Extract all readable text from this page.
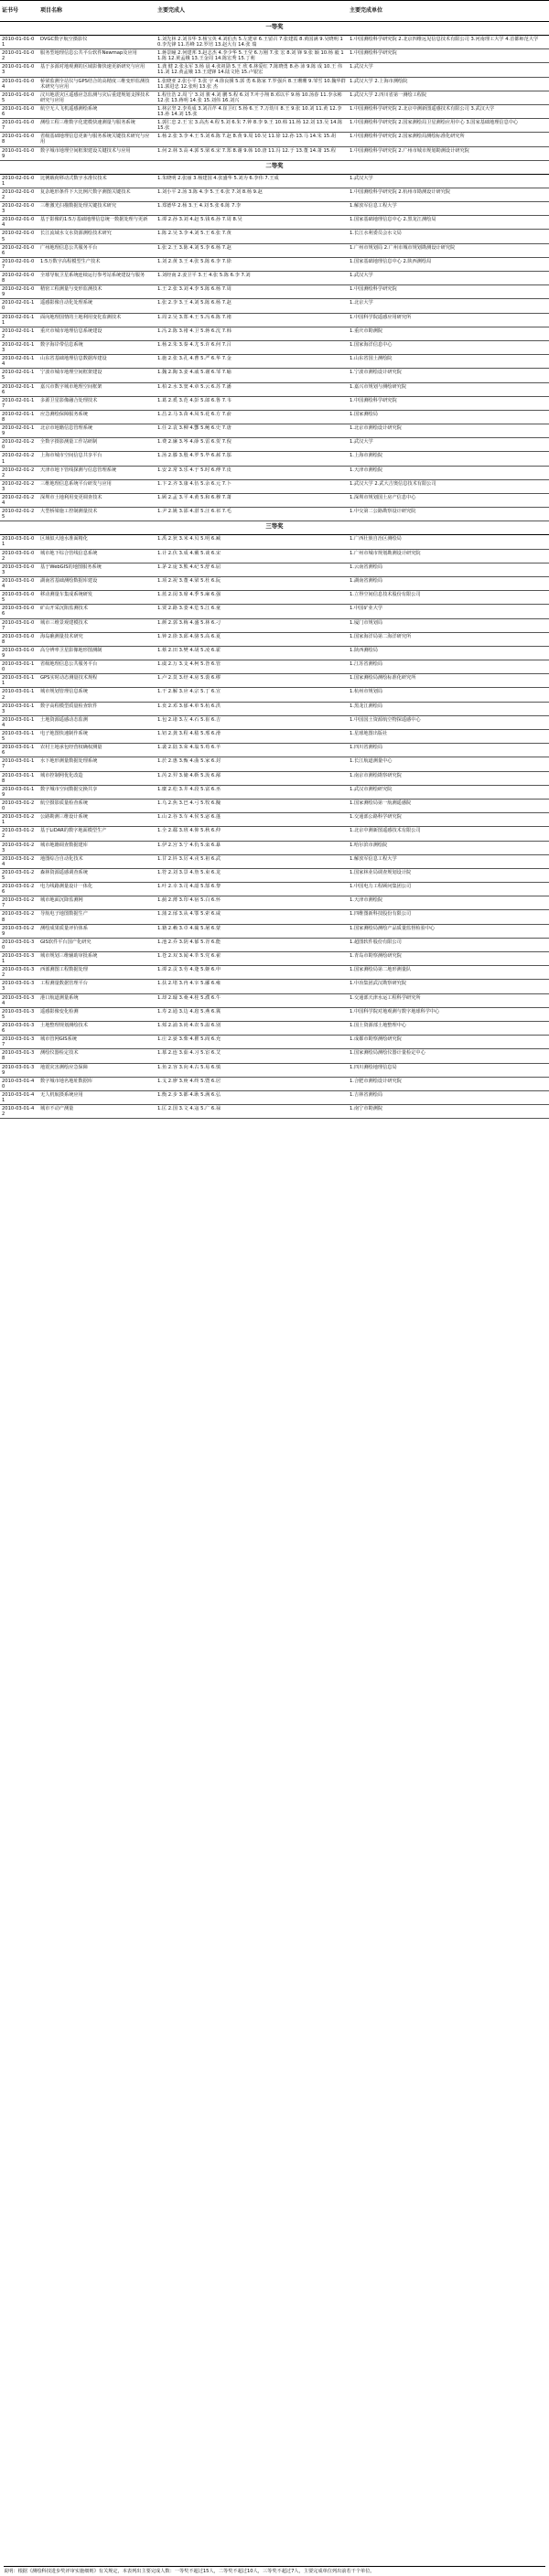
证书号	项目名称	主要完成人	主要完成单位
一等奖			
2010-01-01-01	DVGC数字航空摄影仪	1.刘先林 2.刘书华 3.杨宝英 4.刘伯杰 5.左建章 6.王留召 7.张建霞 8.黄国满 9.吴晓明 10.李先锋 11.苏峰 12.罗培 13.赵大有 14.张 瑞	1.中国测绘科学研究院 2.北京四维远见信息技术有限公司 3.河南理工大学 4.首都师范大学
2010-01-01-02	服务型地理信息公共平台软件Newmap及应用	1.蒋景瞳 2.何建邦 3.赵志杰 4.李少华 5.王莹 6.万刚 7.张 宏 8.刘 锋 9.张 颖 10.杨 毅 11.陈 12.黄孟娥 13.王金周 14.陈宏秀 15.丁莉	1.中国测绘科学研究院
2010-01-01-03	基于多源对地观测的区域影像快速更新研究与应用	1.龚 健 2.张永军 3.杨 晨 4.张祖勋 5.王 欣 6.林爱红 7.陈晓勇 8.孙 沛 9.陈 成 10.王 伟 11.刘 12.黄孟娥 13.王建锋 14.陆文艳 15.卢银宏	1.武汉大学
2010-01-01-04	桥梁监测全站仪与GPS结合的高精度三维变形监测技术研究与应用	1.张晓亚 2.张小平 3.张 宇 4.徐良骥 5.郭 勇 6.陈家 7.罗强兵 8.王珊珊 9.邹雪 10.魏华群 11.郭进忠 12.张明 13.张 杰	1.武汉大学 2.上海市测绘院
2010-01-01-05	汶川地震灾区遥感应急监测与灾后重建规划支撑技术研究与应用	1.程仕浩 2.周 宁 3.刘 骏 4.刘 鹏 5.程 6.刘 7.叶小翔 8.邓以平 9.杨 10.汤春 11.李永彬 12.张 13.蒋明 14.张 15.刘伟 16.刘兴	1.武汉大学 2.四川省第一测绘工程院
2010-01-01-06	航空无人飞机遥感测绘系统	1.林宗坚 2.李英成 3.刘召芹 4.崔卫红 5.杨 6.王 7.万幼川 8.王 9.张 10.刘 11.黄 12.李 13.孙 14.刘 15.张	1.中国测绘科学研究院 2.北京中测新图遥感技术有限公司 3.武汉大学
2010-01-01-07	测绘工程三维数字化建模快速测量与服务系统	1.郭仁忠 2.王 宏 3.高杰 4.程 5.刘 6.朱 7.钟 8.李 9.王 10.韩 11.杨 12.刘 13.吴 14.陈 15.张	1.中国测绘科学研究院 2.国家测绘局卫星测绘应用中心 3.国家基础地理信息中心
2010-01-01-08	省级基础地理信息更新与服务系统关键技术研究与应用	1.杨 2.张 3.李 4.王 5.刘 6.陈 7.赵 8.黄 9.周 10.吴 11.徐 12.孙 13.马 14.朱 15.胡	1.中国测绘科学研究院 2.国家测绘局测绘标准化研究所
2010-01-01-09	数字城市地理空间框架建设关键技术与应用	1.何 2.林 3.高 4.郭 5.梁 6.宋 7.郑 8.谢 9.韩 10.唐 11.冯 12.于 13.董 14.萧 15.程	1.中国测绘科学研究院 2.广州市城市规划勘测设计研究院
二等奖			
2010-02-01-01	比例载荷移动式数字水准仪技术	1.朱晓明 2.张丽 3.杨建国 4.张盛华 5.刘为 6.李伟 7.王成	1.武汉大学
2010-02-01-02	复杂地形条件下大比例尺数字测图关键技术	1.刘小平 2.汤 3.陈 4.李 5.王 6.张 7.刘 8.杨 9.赵	1.中国测绘科学研究院 2.杭州市勘测设计研究院
2010-02-01-03	三维激光扫描数据处理关键技术研究	1.郑德华 2.杨 3.王 4.刘 5.张 6.陈 7.李	1.解放军信息工程大学
2010-02-01-04	基于影像的1:5万基础地理信息统一数据处理与更新	1.谭 2.孙 3.刘 4.赵 5.钱 6.孙 7.周 8.吴	1.国家基础地理信息中心 2.黑龙江测绘局
2010-02-01-05	长江流域水文水资源测绘技术研究	1.陈 2.吴 3.李 4.刘 5.王 6.张 7.黄	1.长江水利委员会水文局
2010-02-01-06	广州地理信息公共服务平台	1.张 2.王 3.陈 4.刘 5.李 6.杨 7.赵	1.广州市规划局 2.广州市城市规划勘测设计研究院
2010-02-01-07	1:5万数字高程模型生产技术	1.刘 2.黄 3.王 4.张 5.陈 6.李 7.徐	1.国家基础地理信息中心 2.陕西测绘局
2010-02-01-08	全球导航卫星系统连续运行参考站系统建设与服务	1.刘经南 2.姜卫平 3.王 4.张 5.陈 6.李 7.刘	1.武汉大学
2010-02-01-09	精密工程测量与变形监测技术	1.王 2.张 3.刘 4.李 5.陈 6.杨 7.周	1.中国测绘科学研究院
2010-02-01-10	遥感影像自动化处理系统	1.张 2.李 3.王 4.刘 5.陈 6.杨 7.赵	1.北京大学
2010-02-01-11	面向地理国情的土地利用变化监测技术	1.周 2.吴 3.郑 4.王 5.冯 6.陈 7.褚	1.中国科学院遥感应用研究所
2010-02-01-12	重庆市城市地理信息系统建设	1.冯 2.陈 3.褚 4.卫 5.蒋 6.沈 7.韩	1.重庆市勘测院
2010-02-01-13	数字海岸带信息系统	1.杨 2.朱 3.秦 4.尤 5.许 6.何 7.吕	1.国家海洋信息中心
2010-02-01-14	山东省基础地理信息数据库建设	1.施 2.张 3.孔 4.曹 5.严 6.华 7.金	1.山东省国土测绘院
2010-02-01-15	宁波市城市地理空间框架建设	1.魏 2.陶 3.姜 4.戚 5.谢 6.邹 7.喻	1.宁波市测绘设计研究院
2010-02-01-16	嘉兴市数字城市地理空间框架	1.柏 2.水 3.窦 4.章 5.云 6.苏 7.潘	1.嘉兴市规划与测绘研究院
2010-02-01-17	多源卫星影像融合处理技术	1.葛 2.奚 3.范 4.彭 5.郎 6.鲁 7.韦	1.中国测绘科学研究院
2010-02-01-18	应急测绘保障服务系统	1.昌 2.马 3.苗 4.凤 5.花 6.方 7.俞	1.国家测绘局
2010-02-01-19	北京市地籍信息管理系统	1.任 2.袁 3.柳 4.酆 5.鲍 6.史 7.唐	1.北京市测绘设计研究院
2010-02-01-20	全数字摄影测量工作站研制	1.费 2.廉 3.岑 4.薛 5.雷 6.贺 7.倪	1.武汉大学
2010-02-01-21	上海市城市空间信息共享平台	1.汤 2.滕 3.殷 4.罗 5.毕 6.郝 7.邬	1.上海市测绘院
2010-02-01-22	天津市地下管线探测与信息管理系统	1.安 2.常 3.乐 4.于 5.时 6.傅 7.皮	1.天津市测绘院
2010-02-01-23	三维地理信息系统平台研发与应用	1.卞 2.齐 3.康 4.伍 5.余 6.元 7.卜	1.武汉大学 2.武大吉奥信息技术有限公司
2010-02-01-24	深圳市土地利用变更调查技术	1.顾 2.孟 3.平 4.黄 5.和 6.穆 7.萧	1.深圳市规划国土房产信息中心
2010-02-01-25	大型桥梁施工控制测量技术	1.尹 2.姚 3.邵 4.湛 5.汪 6.祁 7.毛	1.中交第二公路勘察设计研究院
三等奖			
2010-03-01-01	区域似大地水准面精化	1.禹 2.狄 3.米 4.贝 5.明 6.臧	1.广西壮族自治区测绘局
2010-03-01-02	城市地下综合管线信息系统	1.计 2.伏 3.成 4.戴 5.谈 6.宋	1.广州市城市规划勘测设计研究院
2010-03-01-03	基于WebGIS的地图服务系统	1.茅 2.庞 3.熊 4.纪 5.舒 6.屈	1.云南省测绘局
2010-03-01-04	湖南省基础测绘数据库建设	1.项 2.祝 3.董 4.梁 5.杜 6.阮	1.湖南省测绘局
2010-03-01-05	移动测量车集成系统研发	1.蓝 2.闵 3.席 4.季 5.麻 6.强	1.立得空间信息技术股份有限公司
2010-03-01-06	矿山开采沉陷监测技术	1.贾 2.路 3.娄 4.危 5.江 6.童	1.中国矿业大学
2010-03-01-07	城市三维景观建模技术	1.颜 2.郭 3.梅 4.盛 5.林 6.刁	1.厦门市规划局
2010-03-01-08	海岛礁测量技术研究	1.钟 2.徐 3.邱 4.骆 5.高 6.夏	1.国家海洋局第二海洋研究所
2010-03-01-09	高分辨率卫星影像地形图测制	1.蔡 2.田 3.樊 4.胡 5.凌 6.霍	1.陕西测绘局
2010-03-01-10	省级地理信息公共服务平台	1.虞 2.万 3.支 4.柯 5.昝 6.管	1.江苏省测绘局
2010-03-01-11	GPS实时动态测量技术规程	1.卢 2.莫 3.经 4.房 5.裘 6.缪	1.国家测绘局测绘标准化研究所
2010-03-01-12	城市规划管理信息系统	1.干 2.解 3.应 4.宗 5.丁 6.宣	1.杭州市规划局
2010-03-01-13	数字高程模型质量检查软件	1.贲 2.邓 3.郁 4.单 5.杭 6.洪	1.黑龙江测绘局
2010-03-01-14	土地资源遥感动态监测	1.包 2.诸 3.左 4.石 5.崔 6.吉	1.中国国土资源航空物探遥感中心
2010-03-01-15	电子地图快速制作系统	1.钮 2.龚 3.程 4.嵇 5.邢 6.滑	1.星球地图出版社
2010-03-01-16	农村土地承包经营权确权测量	1.裴 2.陆 3.荣 4.翁 5.荀 6.羊	1.四川省测绘局
2010-03-01-17	水下地形测量数据处理系统	1.於 2.惠 3.甄 4.曲 5.家 6.封	1.长江航道测量中心
2010-03-01-18	城市控制网优化改造	1.芮 2.羿 3.储 4.靳 5.汲 6.邴	1.南京市测绘勘察研究院
2010-03-01-19	数字城市空间数据交换共享	1.糜 2.松 3.井 4.段 5.富 6.巫	1.武汉市测绘研究院
2010-03-01-20	航空摄影质量检查系统	1.乌 2.焦 3.巴 4.弓 5.牧 6.隗	1.国家测绘局第一航测遥感院
2010-03-01-21	公路勘测三维设计系统	1.山 2.谷 3.车 4.侯 5.宓 6.蓬	1.交通部公路科学研究院
2010-03-01-22	基于LiDAR的数字地面模型生产	1.全 2.郗 3.班 4.仰 5.秋 6.仲	1.北京中测新图遥感技术有限公司
2010-03-01-23	城市地籍调查数据建库	1.伊 2.宫 3.宁 4.仇 5.栾 6.暴	1.哈尔滨市测绘院
2010-03-01-24	地图综合自动化技术	1.甘 2.钭 3.厉 4.戎 5.祖 6.武	1.解放军信息工程大学
2010-03-01-25	森林资源遥感调查系统	1.符 2.刘 3.景 4.詹 5.束 6.龙	1.国家林业局调查规划设计院
2010-03-01-26	电力线路测量设计一体化	1.叶 2.幸 3.司 4.韶 5.郜 6.黎	1.中国电力工程顾问集团公司
2010-03-01-27	城市地面沉降监测网	1.蓟 2.薄 3.印 4.宿 5.白 6.怀	1.天津市测绘院
2010-03-01-28	导航电子地图数据生产	1.蒲 2.邰 3.从 4.鄂 5.索 6.咸	1.四维图新科技股份有限公司
2010-03-01-29	测绘成果质量评价体系	1.籍 2.赖 3.卓 4.蔺 5.屠 6.蒙	1.国家测绘局测绘产品质量监督检验中心
2010-03-01-30	GIS软件平台国产化研究	1.池 2.乔 3.阴 4.郁 5.胥 6.能	1.超图软件股份有限公司
2010-03-01-31	城市规划三维辅助审批系统	1.苍 2.双 3.闻 4.莘 5.党 6.翟	1.青岛市勘察测绘研究院
2010-03-01-32	西部测图工程数据处理	1.谭 2.贡 3.劳 4.逄 5.姬 6.申	1.国家测绘局第二地形测量队
2010-03-01-33	工程测量数据管理平台	1.扶 2.堵 3.冉 4.宰 5.郦 6.雍	1.中冶集团武汉勘察研究院
2010-03-01-34	港口航道测量系统	1.却 2.璩 3.桑 4.桂 5.濮 6.牛	1.交通部天津水运工程科学研究所
2010-03-01-35	遥感影像变化检测	1.寿 2.通 3.边 4.扈 5.燕 6.冀	1.中国科学院对地观测与数字地球科学中心
2010-03-01-36	土地整理规划测绘技术	1.郏 2.浦 3.尚 4.农 5.温 6.别	1.国土资源部土地整理中心
2010-03-01-37	城市管网GIS系统	1.庄 2.晏 3.柴 4.瞿 5.阎 6.充	1.成都市勘察测绘研究院
2010-03-01-38	测绘仪器检定技术	1.慕 2.连 3.茹 4.习 5.宦 6.艾	1.国家测绘局测绘仪器计量检定中心
2010-03-01-39	地震灾害测绘应急保障	1.鱼 2.容 3.向 4.古 5.易 6.慎	1.四川测绘地理信息局
2010-03-01-40	数字城市地名地址数据库	1.戈 2.廖 3.庾 4.终 5.暨 6.居	1.合肥市测绘设计研究院
2010-03-01-41	无人机航摄系统应用	1.衡 2.步 3.都 4.耿 5.满 6.弘	1.吉林省测绘局
2010-03-01-42	城市不动产测量	1.匡 2.国 3.文 4.寇 5.广 6.禄	1.南宁市勘测院
说明：根据《测绘科技进步奖评审实施细则》有关规定，本表列出主要完成人数：一等奖不超过15人，二等奖不超过10人，三等奖不超过7人，主要完成单位列出前若干个单位。
